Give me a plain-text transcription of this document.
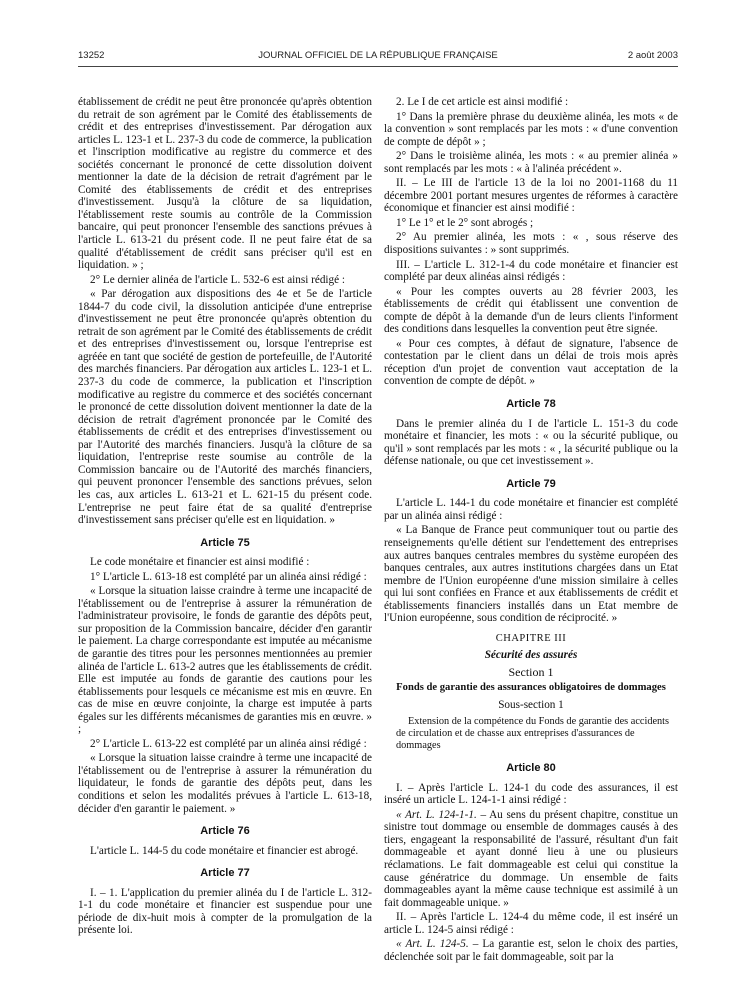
13252	JOURNAL OFFICIEL DE LA RÉPUBLIQUE FRANÇAISE	2 août 2003

établissement de crédit ne peut être prononcée qu'après obtention du retrait de son agrément par le Comité des établissements de crédit et des entreprises d'investissement. Par dérogation aux articles L. 123-1 et L. 237-3 du code de commerce, la publication et l'inscription modificative au registre du commerce et des sociétés concernant le prononcé de cette dissolution doivent mentionner la date de la décision de retrait d'agrément par le Comité des établissements de crédit et des entreprises d'investissement. Jusqu'à la clôture de sa liquidation, l'établissement reste soumis au contrôle de la Commission bancaire, qui peut prononcer l'ensemble des sanctions prévues à l'article L. 613-21 du présent code. Il ne peut faire état de sa qualité d'établissement de crédit sans préciser qu'il est en liquidation. » ;

2° Le dernier alinéa de l'article L. 532-6 est ainsi rédigé :

« Par dérogation aux dispositions des 4e et 5e de l'article 1844-7 du code civil, la dissolution anticipée d'une entreprise d'investissement ne peut être prononcée qu'après obtention du retrait de son agrément par le Comité des établissements de crédit et des entreprises d'investissement ou, lorsque l'entreprise est agréée en tant que société de gestion de portefeuille, de l'Autorité des marchés financiers. Par dérogation aux articles L. 123-1 et L. 237-3 du code de commerce, la publication et l'inscription modificative au registre du commerce et des sociétés concernant le prononcé de cette dissolution doivent mentionner la date de la décision de retrait d'agrément prononcée par le Comité des établissements de crédit et des entreprises d'investissement ou par l'Autorité des marchés financiers. Jusqu'à la clôture de sa liquidation, l'entreprise reste soumise au contrôle de la Commission bancaire ou de l'Autorité des marchés financiers, qui peuvent prononcer l'ensemble des sanctions prévues, selon les cas, aux articles L. 613-21 et L. 621-15 du présent code. L'entreprise ne peut faire état de sa qualité d'entreprise d'investissement sans préciser qu'elle est en liquidation. »

Article 75

Le code monétaire et financier est ainsi modifié :

1° L'article L. 613-18 est complété par un alinéa ainsi rédigé :

« Lorsque la situation laisse craindre à terme une incapacité de l'établissement ou de l'entreprise à assurer la rémunération de l'administrateur provisoire, le fonds de garantie des dépôts peut, sur proposition de la Commission bancaire, décider d'en garantir le paiement. La charge correspondante est imputée au mécanisme de garantie des titres pour les personnes mentionnées au premier alinéa de l'article L. 613-2 autres que les établissements de crédit. Elle est imputée au fonds de garantie des cautions pour les établissements pour lesquels ce mécanisme est mis en œuvre. En cas de mise en œuvre conjointe, la charge est imputée à parts égales sur les différents mécanismes de garanties mis en œuvre. » ;

2° L'article L. 613-22 est complété par un alinéa ainsi rédigé :

« Lorsque la situation laisse craindre à terme une incapacité de l'établissement ou de l'entreprise à assurer la rémunération du liquidateur, le fonds de garantie des dépôts peut, dans les conditions et selon les modalités prévues à l'article L. 613-18, décider d'en garantir le paiement. »

Article 76

L'article L. 144-5 du code monétaire et financier est abrogé.

Article 77

I. – 1. L'application du premier alinéa du I de l'article L. 312-1-1 du code monétaire et financier est suspendue pour une période de dix-huit mois à compter de la promulgation de la présente loi.

2. Le I de cet article est ainsi modifié :

1° Dans la première phrase du deuxième alinéa, les mots « de la convention » sont remplacés par les mots : « d'une convention de compte de dépôt » ;

2° Dans le troisième alinéa, les mots : « au premier alinéa » sont remplacés par les mots : « à l'alinéa précédent ».

II. – Le III de l'article 13 de la loi no 2001-1168 du 11 décembre 2001 portant mesures urgentes de réformes à caractère économique et financier est ainsi modifié :

1° Le 1° et le 2° sont abrogés ;

2° Au premier alinéa, les mots : « , sous réserve des dispositions suivantes : » sont supprimés.

III. – L'article L. 312-1-4 du code monétaire et financier est complété par deux alinéas ainsi rédigés :

« Pour les comptes ouverts au 28 février 2003, les établissements de crédit qui établissent une convention de compte de dépôt à la demande d'un de leurs clients l'informent des conditions dans lesquelles la convention peut être signée.

« Pour ces comptes, à défaut de signature, l'absence de contestation par le client dans un délai de trois mois après réception d'un projet de convention vaut acceptation de la convention de compte de dépôt. »

Article 78

Dans le premier alinéa du I de l'article L. 151-3 du code monétaire et financier, les mots : « ou la sécurité publique, ou qu'il » sont remplacés par les mots : « , la sécurité publique ou la défense nationale, ou que cet investissement ».

Article 79

L'article L. 144-1 du code monétaire et financier est complété par un alinéa ainsi rédigé :

« La Banque de France peut communiquer tout ou partie des renseignements qu'elle détient sur l'endettement des entreprises aux autres banques centrales membres du système européen des banques centrales, aux autres institutions chargées dans un Etat membre de l'Union européenne d'une mission similaire à celles qui lui sont confiées en France et aux établissements de crédit et établissements financiers installés dans un Etat membre de l'Union européenne, sous condition de réciprocité. »

CHAPITRE III
Sécurité des assurés
Section 1
Fonds de garantie des assurances obligatoires de dommages
Sous-section 1

Extension de la compétence du Fonds de garantie des accidents de circulation et de chasse aux entreprises d'assurances de dommages

Article 80

I. – Après l'article L. 124-1 du code des assurances, il est inséré un article L. 124-1-1 ainsi rédigé :

« Art. L. 124-1-1. – Au sens du présent chapitre, constitue un sinistre tout dommage ou ensemble de dommages causés à des tiers, engageant la responsabilité de l'assuré, résultant d'un fait dommageable et ayant donné lieu à une ou plusieurs réclamations. Le fait dommageable est celui qui constitue la cause génératrice du dommage. Un ensemble de faits dommageables ayant la même cause technique est assimilé à un fait dommageable unique. »

II. – Après l'article L. 124-4 du même code, il est inséré un article L. 124-5 ainsi rédigé :

« Art. L. 124-5. – La garantie est, selon le choix des parties, déclenchée soit par le fait dommageable, soit par la
